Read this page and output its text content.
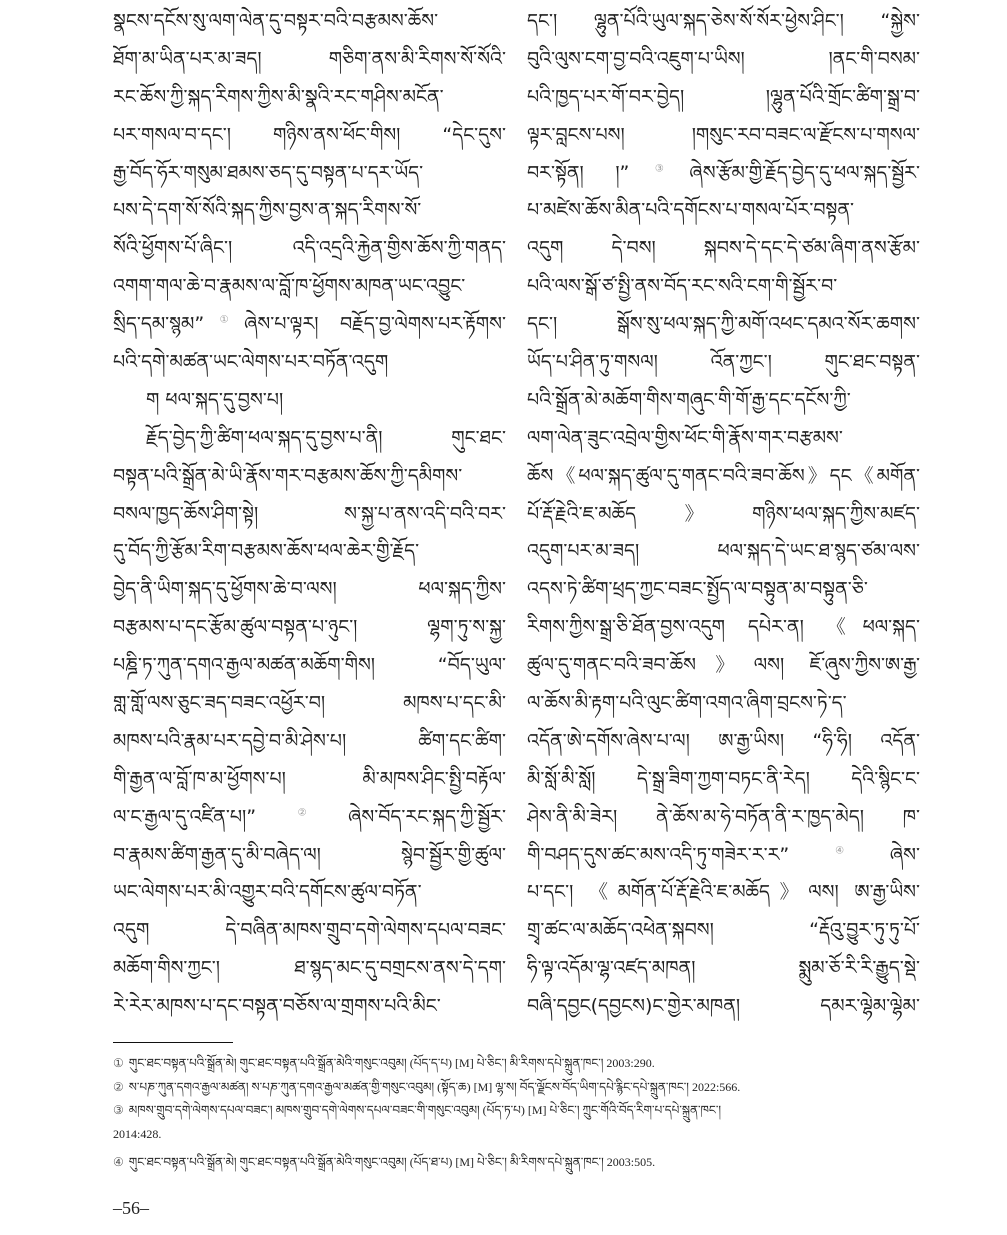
སྣངས་དངོས་སུ་ལག་ལེན་དུ་བསྟར་བའི་བརྩམས་ཆོས་
ཐོག་མ་ཡིན་པར་མ་ཟད། གཅིག་ནས་མི་རིགས་སོ་སོའི་
རང་ཆོས་ཀྱི་སྐད་རིགས་ཀྱིས་མི་སྣའི་རང་གཤིས་མངོན་
པར་གསལ་བ་དང་། གཉིས་ནས་ཕོང་གིས། “དེང་དུས་
རྒྱ་བོད་ཧོར་གསུམ་ཐམས་ཅད་དུ་བསྟན་པ་དར་ཡོད་
པས་དེ་དག་སོ་སོའི་སྐད་ཀྱིས་བྱས་ན་སྐད་རིགས་སོ་
སོའི་ཕྱོགས་པོ་ཞིང་། འདི་འདྲའི་རྐྱེན་གྱིས་ཆོས་ཀྱི་གནད་
འགག་གལ་ཆེ་བ་རྣམས་ལ་བློ་ཁ་ཕྱོགས་མཁན་ཡང་འབྱུང་
སྲིད་དམ་སྙམ”①ཞེས་པ་ལྟར། བརྗོད་བྱ་ལེགས་པར་རྟོགས་
པའི་དགེ་མཚན་ཡང་ལེགས་པར་བཏོན་འདུག
ག ཕལ་སྐད་དུ་བྱས་པ།
རྗོད་བྱེད་ཀྱི་ཚིག་ཕལ་སྐད་དུ་བྱས་པ་ནི། གུང་ཐང་
བསྟན་པའི་སྒྲོན་མེ་ཡི་རྣོས་གར་བརྩམས་ཆོས་ཀྱི་དམིགས་
བསལ་ཁྱད་ཆོས་ཤིག་སྟེ། ས་སྐྱ་པ་ནས་འདི་བའི་བར་
དུ་བོད་ཀྱི་རྩོམ་རིག་བརྩམས་ཆོས་ཕལ་ཆེར་གྱི་རྗོད་
བྱེད་ནི་ཡིག་སྐད་དུ་ཕྱོགས་ཆེ་བ་ལས། ཕལ་སྐད་ཀྱིས་
བརྩམས་པ་དང་རྩོམ་ཚུལ་བསྟན་པ་ཉུང་། ལྷག་ཏུ་ས་སྐྱ་
པཎྜི་ཏ་ཀུན་དགའ་རྒྱལ་མཚན་མཆོག་གིས། “བོད་ཡུལ་
གླ་གློ་ལས་ཅུང་ཟད་བཟང་འཕྱོར་བ། མཁས་པ་དང་མི་
མཁས་པའི་རྣམ་པར་དབྱེ་བ་མི་ཤེས་པ། ཚིག་དང་ཚིག་
གི་རྒྱན་ལ་བློ་ཁ་མ་ཕྱོགས་པ། མི་མཁས་ཤིང་སྤྱི་བརྟོལ་
ལ་ང་རྒྱལ་དུ་འཛིན་པ།”②ཞེས་བོད་རང་སྐད་ཀྱི་སྦྱོར་
བ་རྣམས་ཚིག་རྒྱན་དུ་མི་བཞེད་ལ། སྙེབ་སྦྱོར་གྱི་ཚུལ་
ཡང་ལེགས་པར་མི་འགྱུར་བའི་དགོངས་ཚུལ་བཏོན་
འདུག དེ་བཞིན་མཁས་གྲུབ་དགེ་ལེགས་དཔལ་བཟང་
མཆོག་གིས་ཀྱང་། ཐ་སྙད་མང་དུ་བགྲངས་ནས་དེ་དག་
རེ་རེར་མཁས་པ་དང་བསྟན་བཅོས་ལ་གྲགས་པའི་མིང་
དང་། ལྷུན་པོའི་ཡུལ་སྐད་ཅེས་སོ་སོར་ཕྱེས་ཤིང་། “སྐྱེས་
བུའི་ལུས་ངག་བྱ་བའི་འཇུག་པ་ཡིས། །ནང་གི་བསམ་
པའི་ཁྱད་པར་གོ་བར་བྱེད། །ལྷུན་པོའི་གྲོང་ཚིག་སྒྲ་བ་
ལྟར་བླངས་པས། །གསུང་རབ་བཟང་ལ་རྫོངས་པ་གསལ་
བར་སྟོན། །”③ཞེས་རྩོམ་གྱི་རྗོད་བྱེད་དུ་ཕལ་སྐད་སྦྱོར་
པ་མཛེས་ཆོས་མིན་པའི་དགོངས་པ་གསལ་པོར་བསྟན་
འདུག དེ་བས། སྐབས་དེ་དང་དེ་ཙམ་ཞིག་ནས་རྩོམ་
པའི་ལས་སྒོ་ཙ་སྤྱི་ནས་བོད་རང་སའི་ངག་གི་སྦྱོར་བ་
དང་། སྒོས་སུ་ཕལ་སྐད་ཀྱི་མགོ་འཕང་དམའ་སོར་ཆགས་
ཡོད་པ་ཤིན་ཏུ་གསལ། འོན་ཀྱང་། གུང་ཐང་བསྟན་
པའི་སྒྲོན་མེ་མཆོག་གིས་གཞུང་གི་གོ་རྒྱ་དང་དངོས་ཀྱི་
ལག་ལེན་ཟུང་འབྲེལ་གྱིས་ཕོང་གི་རྣོས་གར་བརྩམས་
ཆོས《ཕལ་སྐད་ཚུལ་དུ་གནང་བའི་ཟབ་ཆོས》དང《མགོན་
པོ་རྡོ་རྗེའི་ཇ་མཆོད》གཉིས་ཕལ་སྐད་ཀྱིས་མཛད་
འདུག་པར་མ་ཟད། ཕལ་སྐད་དེ་ཡང་ཐ་སྙད་ཙམ་ལས་
འདས་ཏེ་ཚིག་ཕྲད་ཀྱང་བཟང་སྤྱོད་ལ་བསྟུན་མ་བསྟུན་ཅི་
རིགས་ཀྱིས་སྒྲ་ཅི་ཐོན་བྱས་འདུག དཔེར་ན། 《ཕལ་སྐད་
ཚུལ་དུ་གནང་བའི་ཟབ་ཆོས》ལས། ཇོ་ཞུས་ཀྱིས་ཨ་རྒྱ་
ལ་ཆོས་མི་རྟག་པའི་ལུང་ཚིག་འགའ་ཞིག་བྲངས་ཏེ་ད་
འདོན་ཨེ་དགོས་ཞེས་པ་ལ། ཨ་རྒྱ་ཡིས། “ཧི་ཧི། འདོན་
མི་སློ་མི་སློ། དེ་སྒྲ་ཟིག་ཀྱག་བཏང་ནི་རེད། དེའི་སྙིང་ང་
ཤེས་ནི་མི་ཟེར། ནེ་ཆོས་མ་ཧེ་བཏོན་ནི་ར་ཁྱད་མེད། ཁ་
གི་བཤད་དུས་ཚང་མས་འདི་ཏུ་གཟེར་ར་ར”④ཞེས་
པ་དང་། 《མགོན་པོ་རྡོ་རྗེའི་ཇ་མཆོད》ལས། ཨ་རྒྱ་ཡིས་
གྲྭ་ཚང་ལ་མཆོད་འཕེན་སྐབས། “རྡོའུ་བྱུར་ཏུ་ཏུ་པོ་
ཧི་ལྟ་འདོམ་ལྷ་འཛད་མཁན། སྨུམ་ཅོ་རི་རི་རྒྱུད་སྡེ་
བཞི་དབྱང(དབྱངས)ང་གྱེར་མཁན། དམར་ལྷེམ་ལྷེམ་
① གུང་ཐང་བསྟན་པའི་སྒྲོན་མེ། གུང་ཐང་བསྟན་པའི་སྒྲོན་མེའི་གསུང་འབུམ། (པོད་ད་པ) [M] པེ་ཅིང་། མི་རིགས་དཔེ་སྐྲུན་ཁང་། 2003:290.
② ས་པཎ་ཀུན་དགའ་རྒྱལ་མཚན། ས་པཎ་ཀུན་དགའ་རྒྱལ་མཚན་གྱི་གསུང་འབུམ། (སྟོད་ཆ) [M] ལྷ་ས། བོད་ལྗོངས་བོད་ཡིག་དཔེ་རྙིང་དཔེ་སྐྲུན་ཁང་། 2022:566.
③ མཁས་གྲུབ་དགེ་ལེགས་དཔལ་བཟང་། མཁས་གྲུབ་དགེ་ལེགས་དཔལ་བཟང་གི་གསུང་འབུམ། (པོད་ཏ་པ) [M] པེ་ཅིང་། ཀྲུང་གོའི་བོད་རིག་པ་དཔེ་སྐྲུན་ཁང་།
2014:428.
④ གུང་ཐང་བསྟན་པའི་སྒྲོན་མེ། གུང་ཐང་བསྟན་པའི་སྒྲོན་མེའི་གསུང་འབུམ། (པོད་ཐ་པ) [M] པེ་ཅིང་། མི་རིགས་དཔེ་སྐྲུན་ཁང་། 2003:505.
–56–
